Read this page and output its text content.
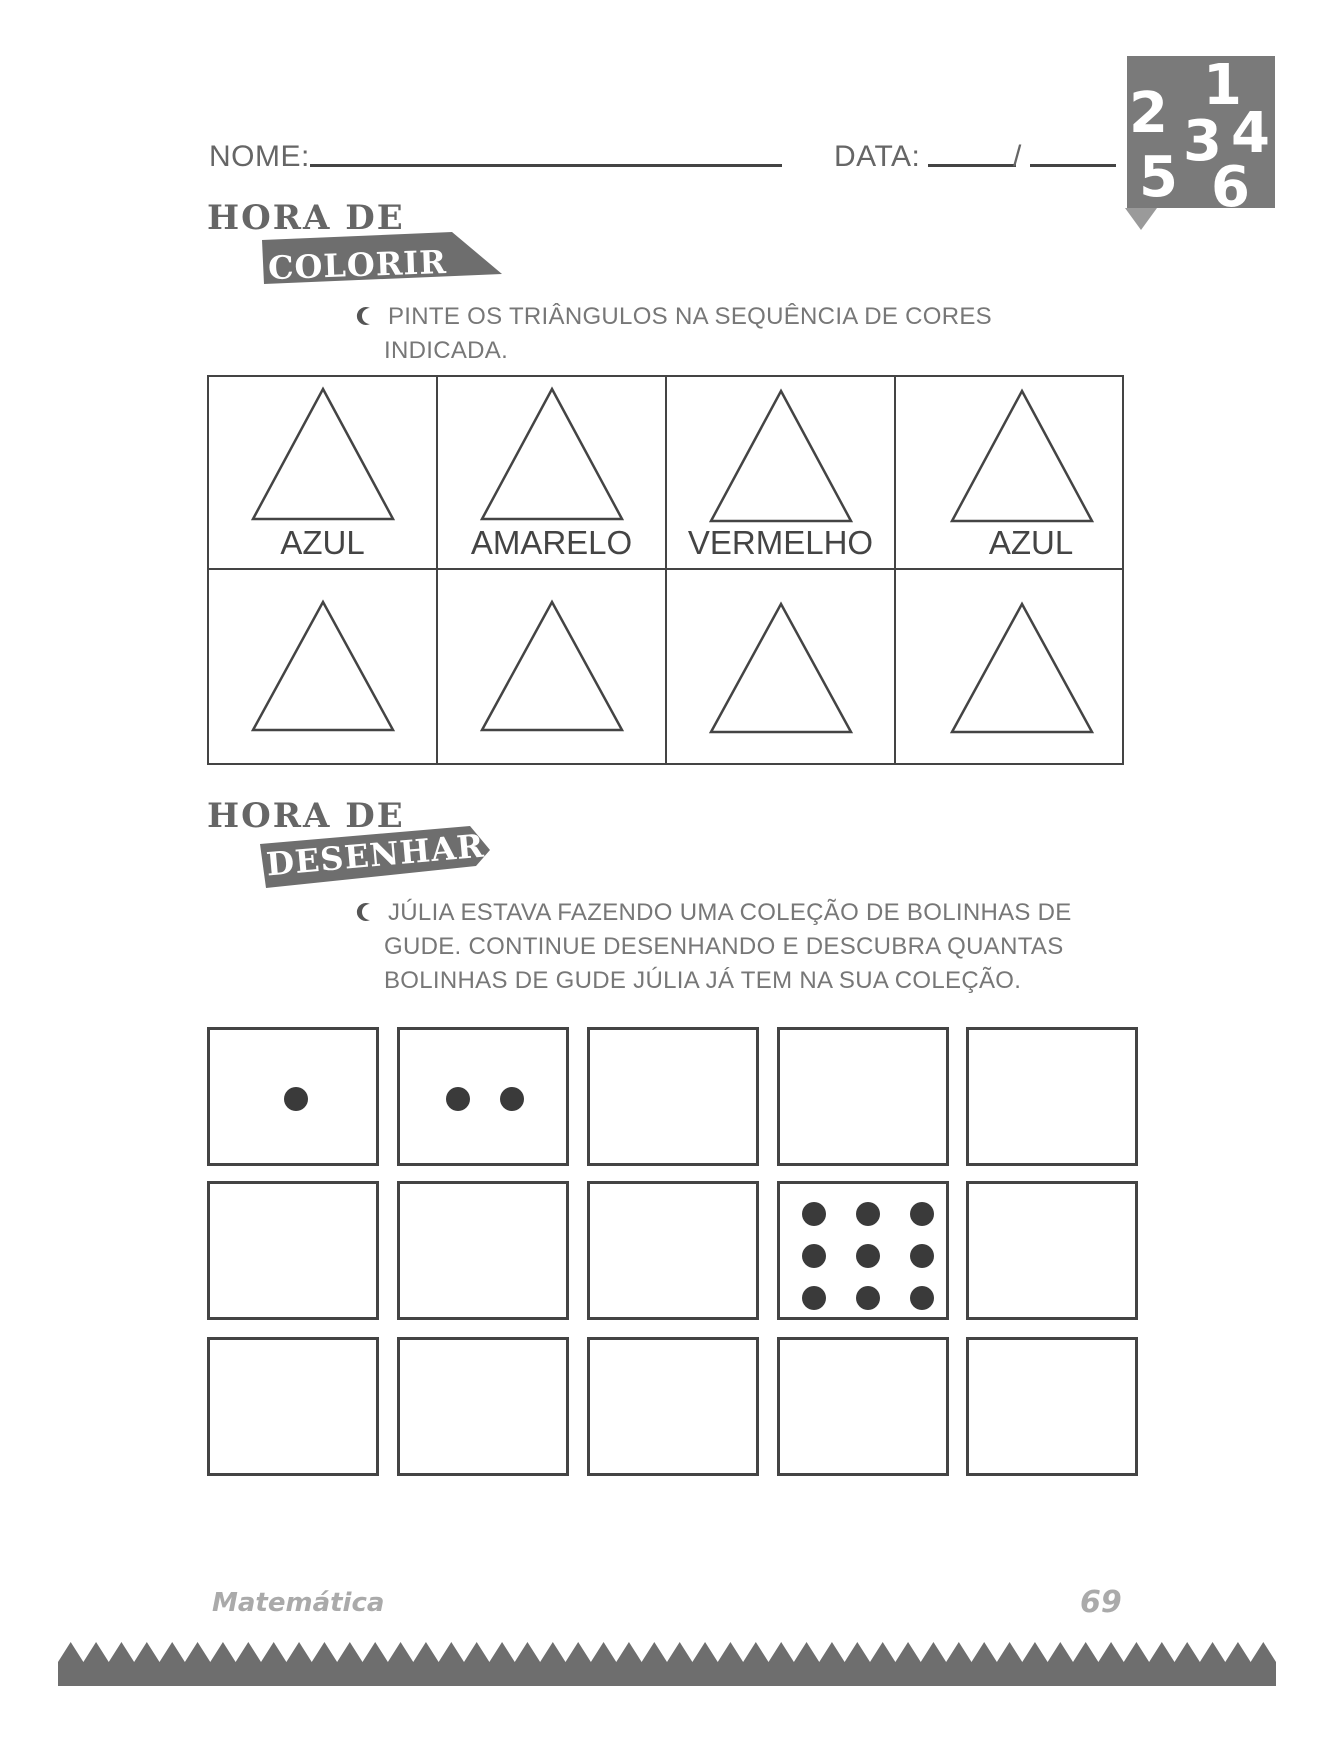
NOME:	DATA:	/
1
2 3 4
5 6
HORA DE
COLORIR
PINTE OS TRIÂNGULOS NA SEQUÊNCIA DE CORES
INDICADA.
AZUL	AMARELO	VERMELHO	AZUL
HORA DE
DESENHAR
JÚLIA ESTAVA FAZENDO UMA COLEÇÃO DE BOLINHAS DE
GUDE. CONTINUE DESENHANDO E DESCUBRA QUANTAS
BOLINHAS DE GUDE JÚLIA JÁ TEM NA SUA COLEÇÃO.
Matemática	69
